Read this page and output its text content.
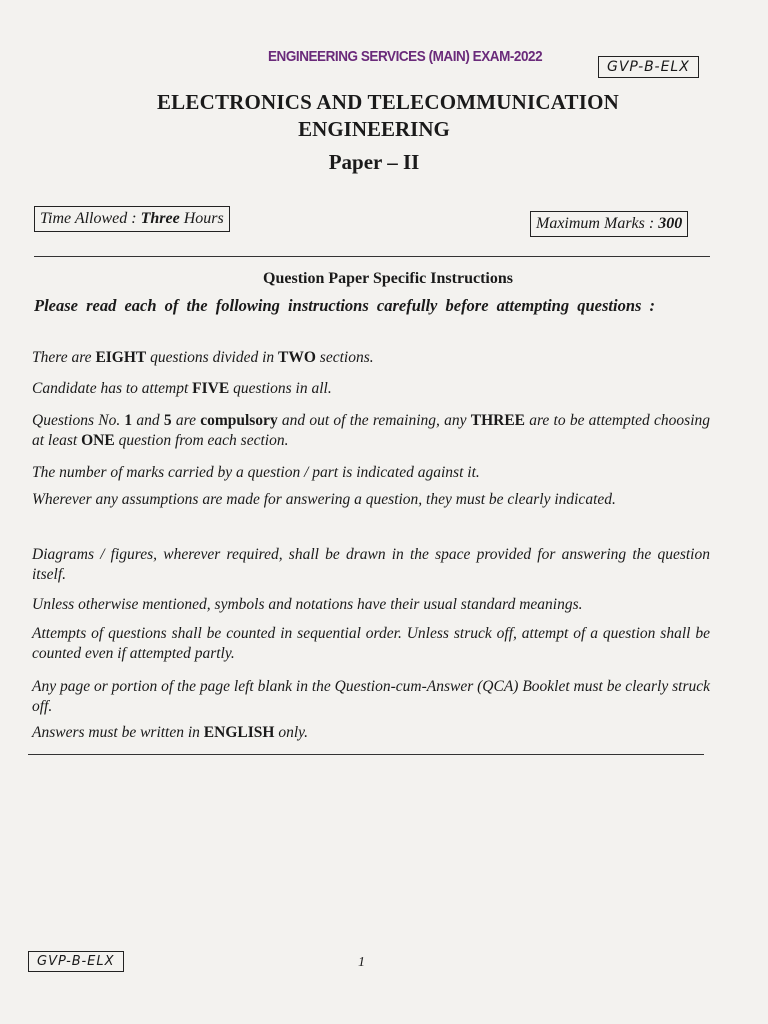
ENGINEERING SERVICES (MAIN) EXAM-2022
GVP-B-ELX
ELECTRONICS AND TELECOMMUNICATION
ENGINEERING
Paper – II
Time Allowed : Three Hours	Maximum Marks : 300
Question Paper Specific Instructions
Please read each of the following instructions carefully before attempting questions :
There are EIGHT questions divided in TWO sections.
Candidate has to attempt FIVE questions in all.
Questions No. 1 and 5 are compulsory and out of the remaining, any THREE are to be attempted choosing at least ONE question from each section.
The number of marks carried by a question / part is indicated against it.
Wherever any assumptions are made for answering a question, they must be clearly indicated.
Diagrams / figures, wherever required, shall be drawn in the space provided for answering the question itself.
Unless otherwise mentioned, symbols and notations have their usual standard meanings.
Attempts of questions shall be counted in sequential order. Unless struck off, attempt of a question shall be counted even if attempted partly.
Any page or portion of the page left blank in the Question-cum-Answer (QCA) Booklet must be clearly struck off.
Answers must be written in ENGLISH only.
GVP-B-ELX	1
